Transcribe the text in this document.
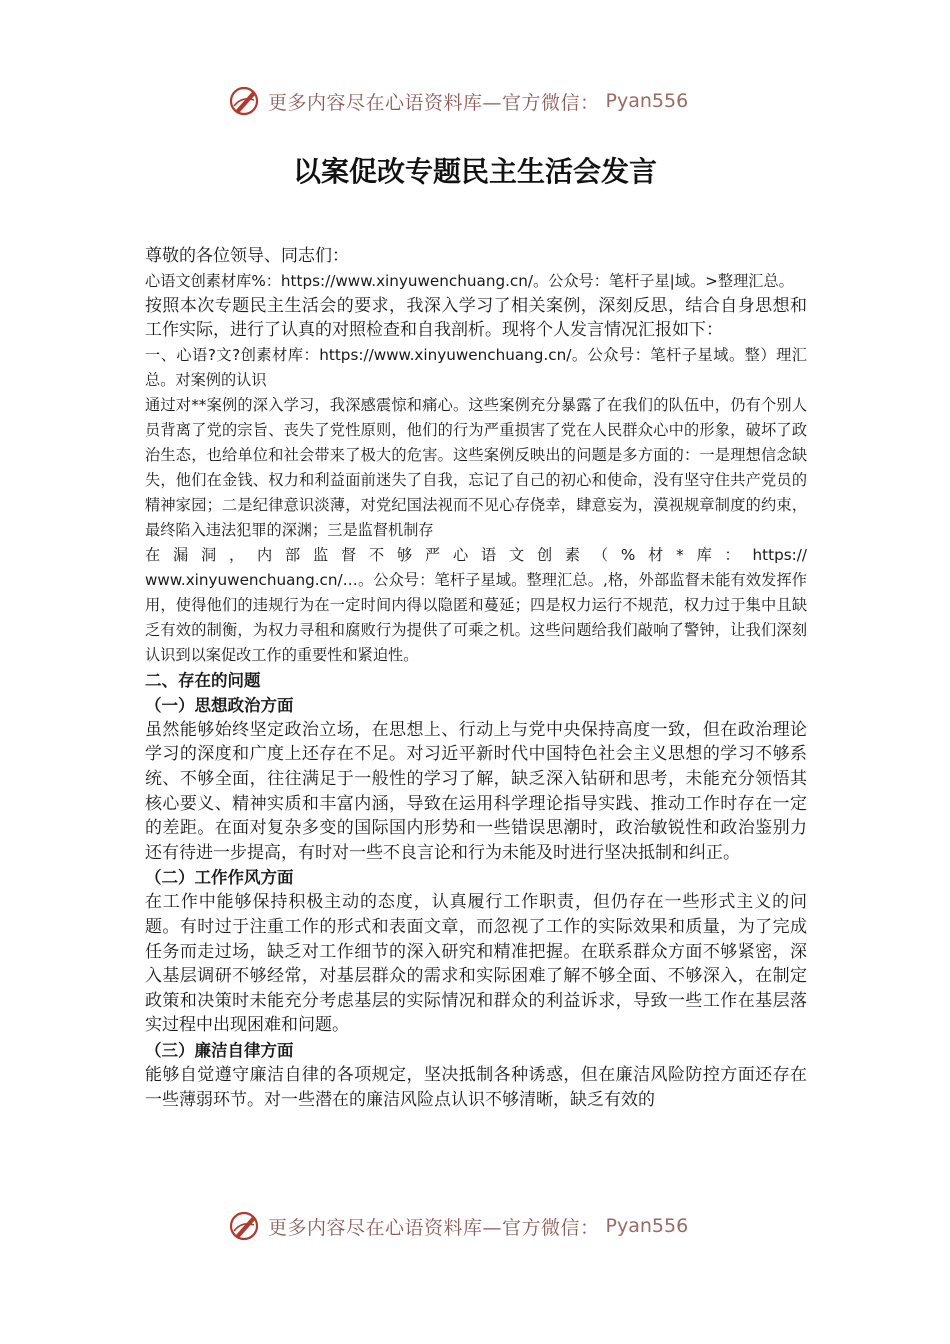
更多内容尽在心语资料库—官方微信： Pyan556
以案促改专题民主生活会发言

尊敬的各位领导、同志们：

心语文创素材库%：https://www.xinyuwenchuang.cn/。公众号：笔杆子星|域。>整理汇总。

按照本次专题民主生活会的要求，我深入学习了相关案例，深刻反思，结合自身思想和工作实际，进行了认真的对照检查和自我剖析。现将个人发言情况汇报如下：

一、心语?文?创素材库：https://www.xinyuwenchuang.cn/。公众号：笔杆子星域。整）理汇总。对案例的认识

通过对**案例的深入学习，我深感震惊和痛心。这些案例充分暴露了在我们的队伍中，仍有个别人员背离了党的宗旨、丧失了党性原则，他们的行为严重损害了党在人民群众心中的形象，破坏了政治生态，也给单位和社会带来了极大的危害。这些案例反映出的问题是多方面的：一是理想信念缺失，他们在金钱、权力和利益面前迷失了自我，忘记了自己的初心和使命，没有坚守住共产党员的精神家园；二是纪律意识淡薄，对党纪国法视而不见心存侥幸，肆意妄为，漠视规章制度的约束，最终陷入违法犯罪的深渊；三是监督机制存

在漏洞，内部监督不够严心语文创素（%材*库：https://

www.xinyuwenchuang.cn/…。公众号：笔杆子星域。整理汇总。,格，外部监督未能有效发挥作用，使得他们的违规行为在一定时间内得以隐匿和蔓延；四是权力运行不规范，权力过于集中且缺乏有效的制衡，为权力寻租和腐败行为提供了可乘之机。这些问题给我们敲响了警钟，让我们深刻认识到以案促改工作的重要性和紧迫性。

二、存在的问题

（一）思想政治方面

虽然能够始终坚定政治立场，在思想上、行动上与党中央保持高度一致，但在政治理论学习的深度和广度上还存在不足。对习近平新时代中国特色社会主义思想的学习不够系统、不够全面，往往满足于一般性的学习了解，缺乏深入钻研和思考，未能充分领悟其核心要义、精神实质和丰富内涵，导致在运用科学理论指导实践、推动工作时存在一定的差距。在面对复杂多变的国际国内形势和一些错误思潮时，政治敏锐性和政治鉴别力还有待进一步提高，有时对一些不良言论和行为未能及时进行坚决抵制和纠正。

（二）工作作风方面

在工作中能够保持积极主动的态度，认真履行工作职责，但仍存在一些形式主义的问题。有时过于注重工作的形式和表面文章，而忽视了工作的实际效果和质量，为了完成任务而走过场，缺乏对工作细节的深入研究和精准把握。在联系群众方面不够紧密，深入基层调研不够经常，对基层群众的需求和实际困难了解不够全面、不够深入，在制定政策和决策时未能充分考虑基层的实际情况和群众的利益诉求，导致一些工作在基层落实过程中出现困难和问题。

（三）廉洁自律方面

能够自觉遵守廉洁自律的各项规定，坚决抵制各种诱惑，但在廉洁风险防控方面还存在一些薄弱环节。对一些潜在的廉洁风险点认识不够清晰，缺乏有效的

更多内容尽在心语资料库—官方微信： Pyan556
